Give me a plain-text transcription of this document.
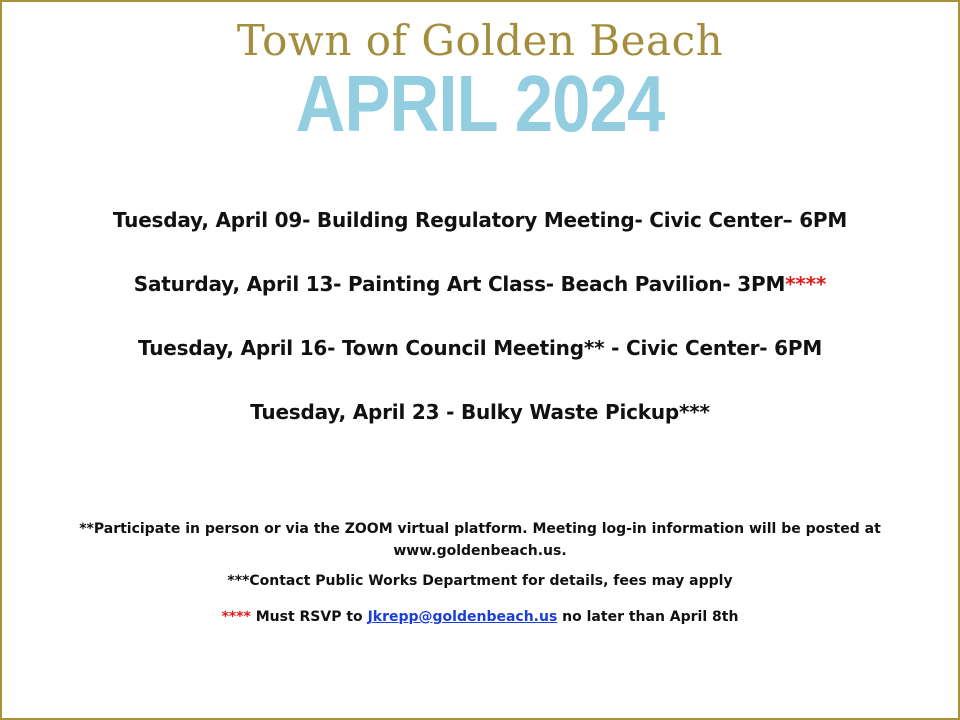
Town of Golden Beach
APRIL 2024
Tuesday, April 09- Building Regulatory Meeting- Civic Center– 6PM
Saturday, April 13- Painting Art Class- Beach Pavilion- 3PM****
Tuesday, April 16- Town Council Meeting** - Civic Center- 6PM
Tuesday, April 23 - Bulky Waste Pickup***
**Participate in person or via the ZOOM virtual platform. Meeting log-in information will be posted at www.goldenbeach.us.
***Contact Public Works Department for details, fees may apply
**** Must RSVP to Jkrepp@goldenbeach.us no later than April 8th
